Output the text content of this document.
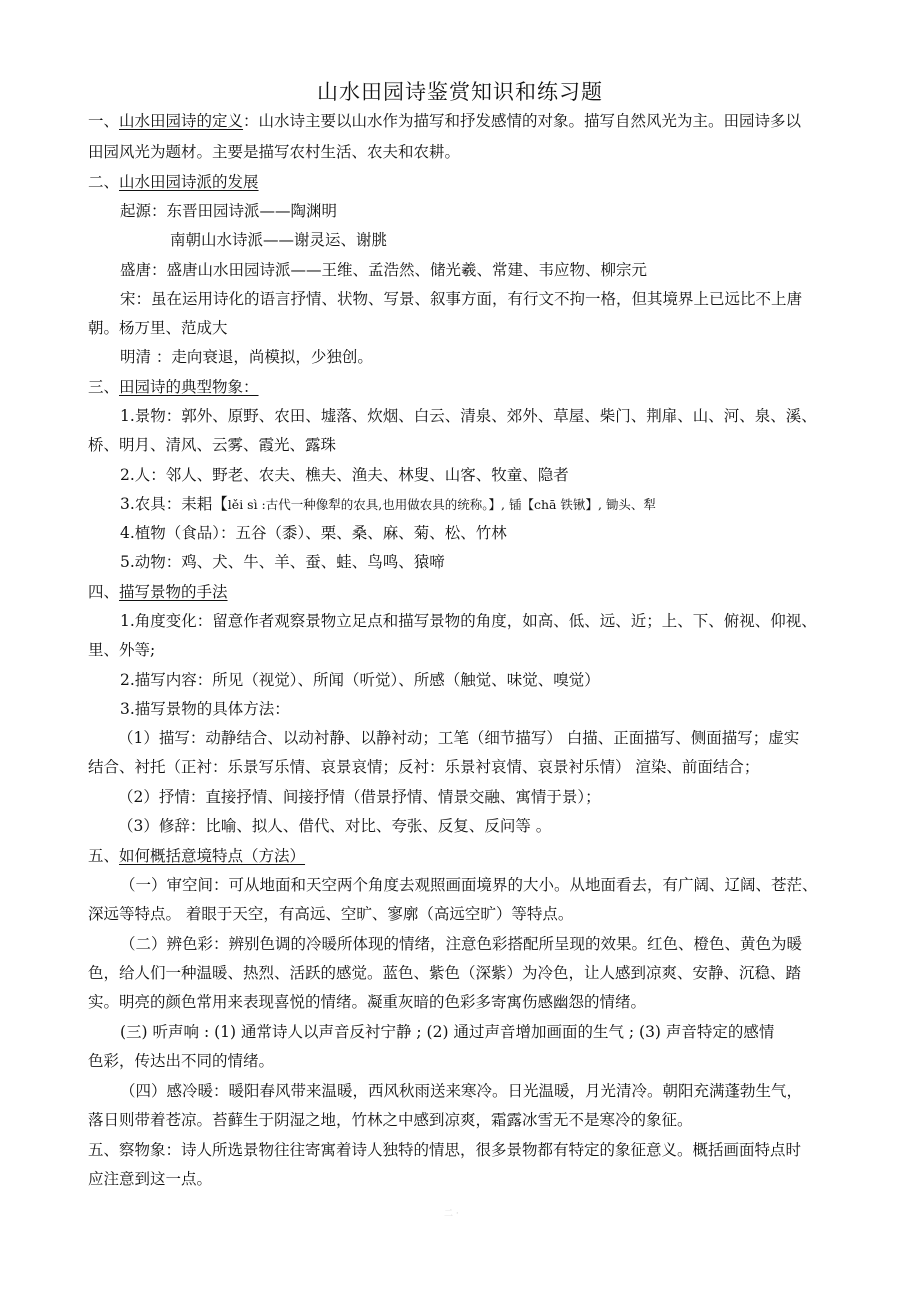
山水田园诗鉴赏知识和练习题
一、山水田园诗的定义：山水诗主要以山水作为描写和抒发感情的对象。描写自然风光为主。田园诗多以
田园风光为题材。主要是描写农村生活、农夫和农耕。
二、山水田园诗派的发展
起源：东晋田园诗派——陶渊明
南朝山水诗派——谢灵运、谢朓
盛唐：盛唐山水田园诗派——王维、孟浩然、储光羲、常建、韦应物、柳宗元
宋：虽在运用诗化的语言抒情、状物、写景、叙事方面，有行文不拘一格，但其境界上已远比不上唐
朝。杨万里、范成大
明清 ：走向衰退，尚模拟，少独创。
三、田园诗的典型物象：
1.景物：郭外、原野、农田、墟落、炊烟、白云、清泉、郊外、草屋、柴门、荆扉、山、河、泉、溪、
桥、明月、清风、云雾、霞光、露珠
2.人：邻人、野老、农夫、樵夫、渔夫、林叟、山客、牧童、隐者
3.农具：耒耜【lěi sì :古代一种像犁的农具,也用做农具的统称。】, 锸【chā 铁锹】, 锄头、犁
4.植物（食品）：五谷（黍）、栗、桑、麻、菊、松、竹林
5.动物：鸡、犬、牛、羊、蚕、蛙、鸟鸣、猿啼
四、描写景物的手法
1.角度变化：留意作者观察景物立足点和描写景物的角度，如高、低、远、近；上、下、俯视、仰视、
里、外等;
2.描写内容：所见（视觉）、所闻（听觉）、所感（触觉、味觉、嗅觉）
3.描写景物的具体方法：
（1）描写：动静结合、以动衬静、以静衬动；工笔（细节描写） 白描、正面描写、侧面描写；虚实
结合、衬托（正衬：乐景写乐情、哀景哀情；反衬：乐景衬哀情、哀景衬乐情） 渲染、前面结合；
（2）抒情：直接抒情、间接抒情（借景抒情、情景交融、寓情于景）；
（3）修辞：比喻、拟人、借代、对比、夸张、反复、反问等 。
五、如何概括意境特点（方法）
（一）审空间：可从地面和天空两个角度去观照画面境界的大小。从地面看去，有广阔、辽阔、苍茫、
深远等特点。 着眼于天空，有高远、空旷、寥廓（高远空旷）等特点。
（二）辨色彩：辨别色调的冷暖所体现的情绪，注意色彩搭配所呈现的效果。红色、橙色、黄色为暖
色，给人们一种温暖、热烈、活跃的感觉。蓝色、紫色（深紫）为冷色，让人感到凉爽、安静、沉稳、踏
实。明亮的颜色常用来表现喜悦的情绪。凝重灰暗的色彩多寄寓伤感幽怨的情绪。
(三) 听声响 : (1) 通常诗人以声音反衬宁静 ; (2) 通过声音增加画面的生气 ; (3) 声音特定的感情
色彩，传达出不同的情绪。
（四）感冷暖：暖阳春风带来温暖，西风秋雨送来寒冷。日光温暖，月光清冷。朝阳充满蓬勃生气，
落日则带着苍凉。苔藓生于阴湿之地，竹林之中感到凉爽，霜露冰雪无不是寒冷的象征。
五、察物象：诗人所选景物往往寄寓着诗人独特的情思，很多景物都有特定的象征意义。概括画面特点时
应注意到这一点。
二 ·
